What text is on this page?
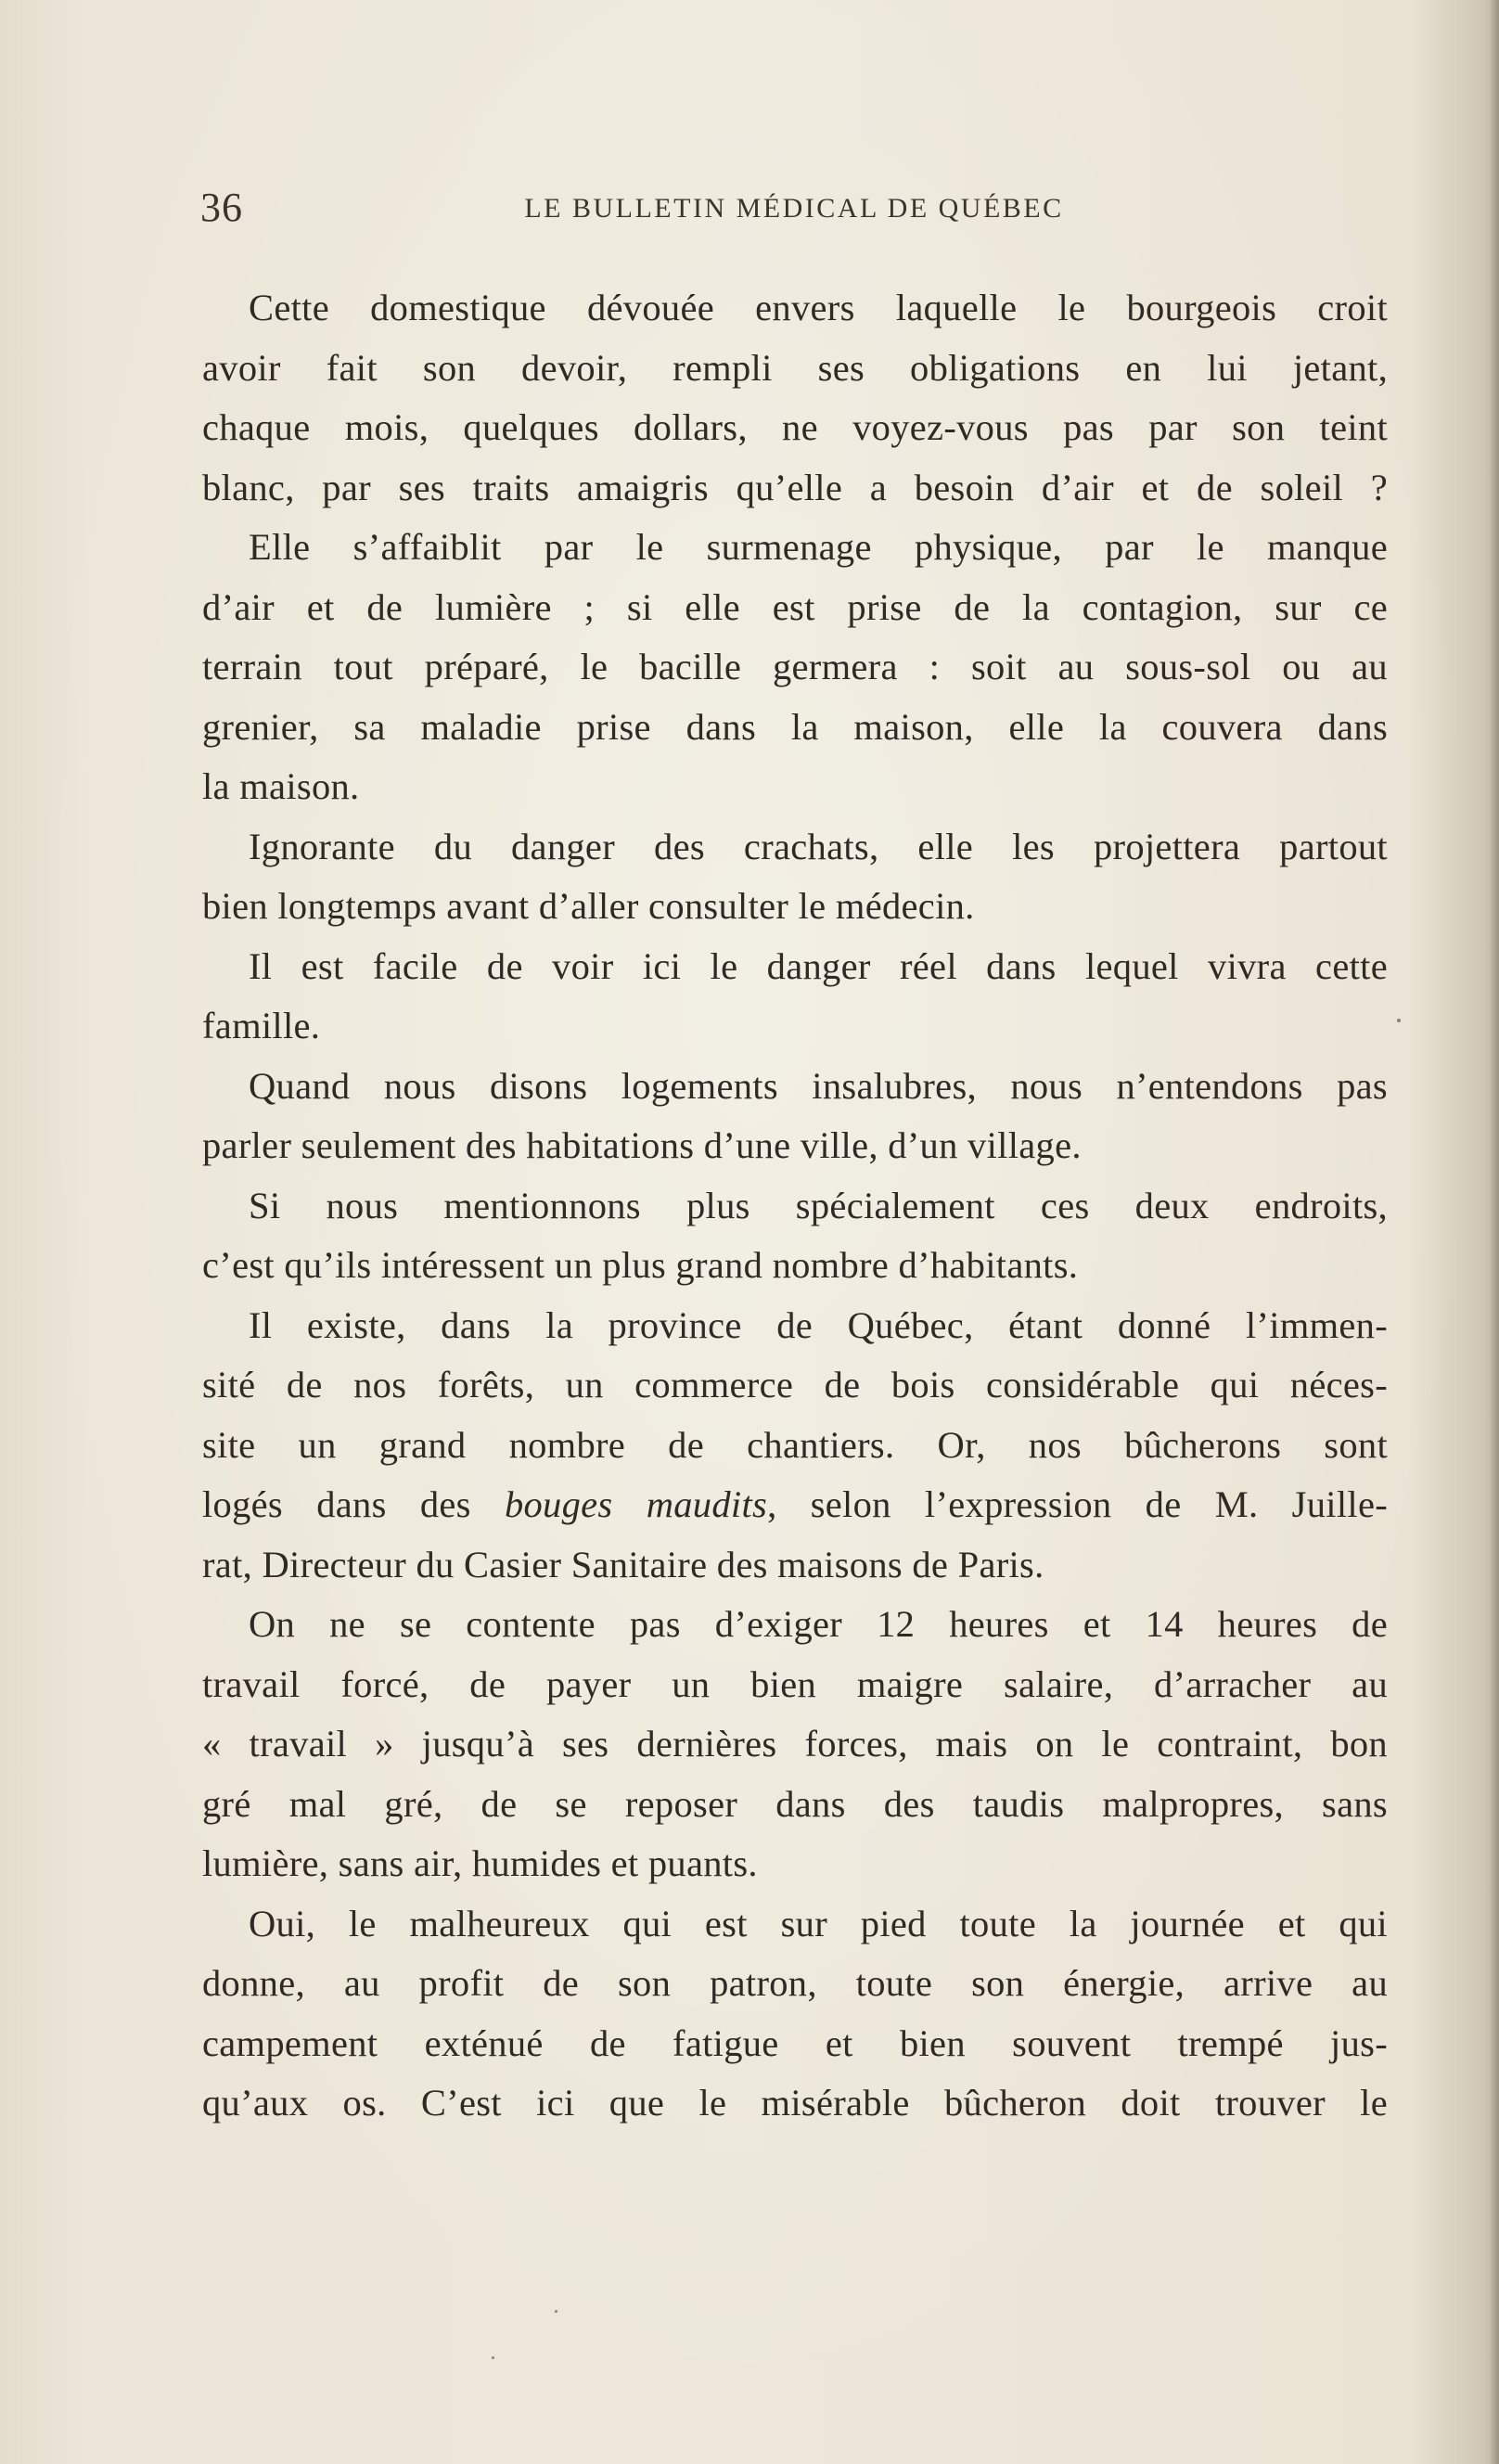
36	LE BULLETIN MÉDICAL DE QUÉBEC
Cette domestique dévouée envers laquelle le bourgeois croit
avoir fait son devoir, rempli ses obligations en lui jetant,
chaque mois, quelques dollars, ne voyez-vous pas par son teint
blanc, par ses traits amaigris qu’elle a besoin d’air et de soleil ?
Elle s’affaiblit par le surmenage physique, par le manque
d’air et de lumière ; si elle est prise de la contagion, sur ce
terrain tout préparé, le bacille germera : soit au sous-sol ou au
grenier, sa maladie prise dans la maison, elle la couvera dans
la maison.
Ignorante du danger des crachats, elle les projettera partout
bien longtemps avant d’aller consulter le médecin.
Il est facile de voir ici le danger réel dans lequel vivra cette
famille.
Quand nous disons logements insalubres, nous n’entendons pas
parler seulement des habitations d’une ville, d’un village.
Si nous mentionnons plus spécialement ces deux endroits,
c’est qu’ils intéressent un plus grand nombre d’habitants.
Il existe, dans la province de Québec, étant donné l’immen-
sité de nos forêts, un commerce de bois considérable qui néces-
site un grand nombre de chantiers. Or, nos bûcherons sont
logés dans des bouges maudits, selon l’expression de M. Juille-
rat, Directeur du Casier Sanitaire des maisons de Paris.
On ne se contente pas d’exiger 12 heures et 14 heures de
travail forcé, de payer un bien maigre salaire, d’arracher au
« travail » jusqu’à ses dernières forces, mais on le contraint, bon
gré mal gré, de se reposer dans des taudis malpropres, sans
lumière, sans air, humides et puants.
Oui, le malheureux qui est sur pied toute la journée et qui
donne, au profit de son patron, toute son énergie, arrive au
campement exténué de fatigue et bien souvent trempé jus-
qu’aux os. C’est ici que le misérable bûcheron doit trouver le
